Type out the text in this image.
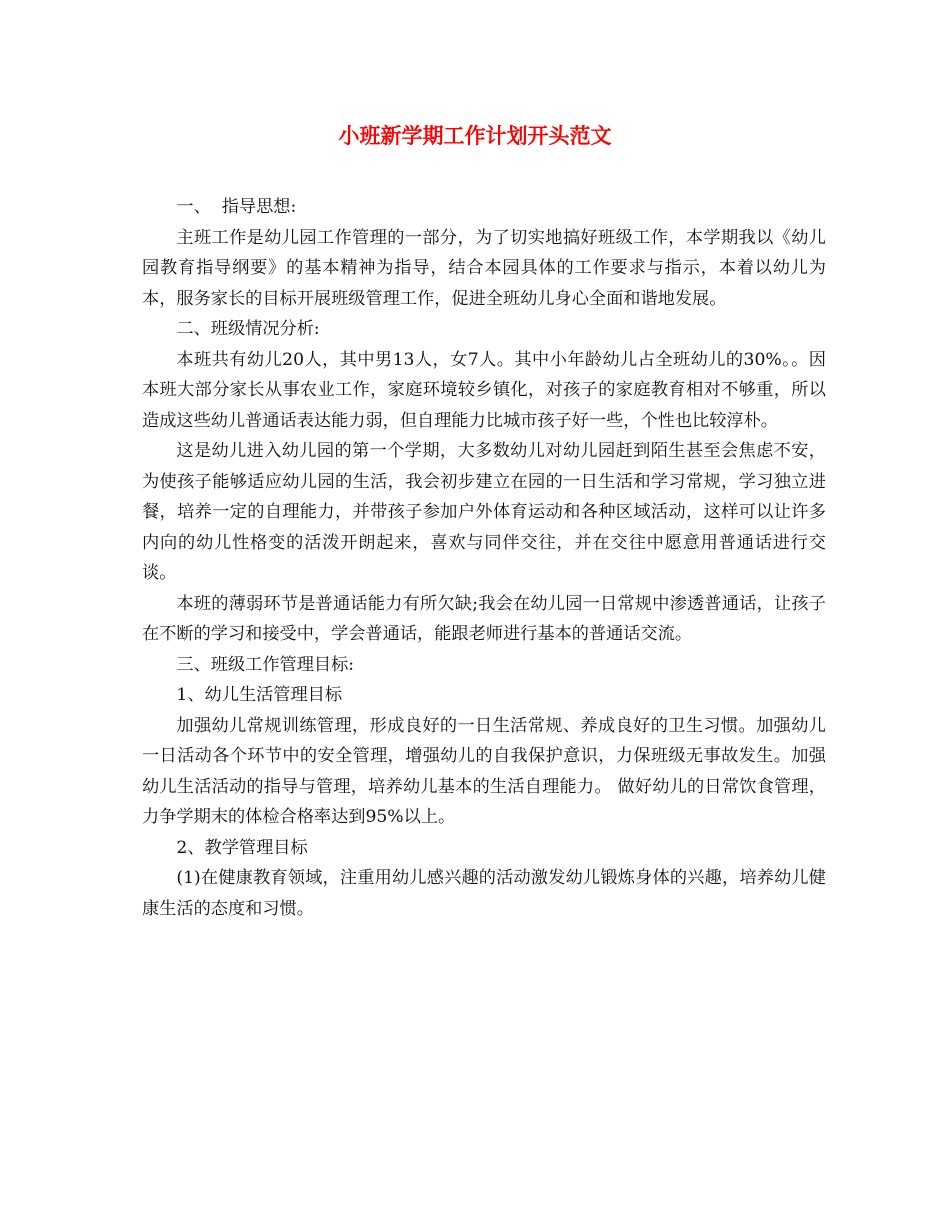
小班新学期工作计划开头范文

一、  指导思想:

主班工作是幼儿园工作管理的一部分，为了切实地搞好班级工作，本学期我以《幼儿园教育指导纲要》的基本精神为指导，结合本园具体的工作要求与指示，本着以幼儿为本，服务家长的目标开展班级管理工作，促进全班幼儿身心全面和谐地发展。

二、班级情况分析:

本班共有幼儿20人，其中男13人，女7人。其中小年龄幼儿占全班幼儿的30%。。因本班大部分家长从事农业工作，家庭环境较乡镇化，对孩子的家庭教育相对不够重，所以造成这些幼儿普通话表达能力弱，但自理能力比城市孩子好一些，个性也比较淳朴。

这是幼儿进入幼儿园的第一个学期，大多数幼儿对幼儿园赶到陌生甚至会焦虑不安，为使孩子能够适应幼儿园的生活，我会初步建立在园的一日生活和学习常规，学习独立进餐，培养一定的自理能力，并带孩子参加户外体育运动和各种区域活动，这样可以让许多内向的幼儿性格变的活泼开朗起来，喜欢与同伴交往，并在交往中愿意用普通话进行交谈。

本班的薄弱环节是普通话能力有所欠缺;我会在幼儿园一日常规中渗透普通话，让孩子在不断的学习和接受中，学会普通话，能跟老师进行基本的普通话交流。

三、班级工作管理目标:

1、幼儿生活管理目标

加强幼儿常规训练管理，形成良好的一日生活常规、养成良好的卫生习惯。加强幼儿一日活动各个环节中的安全管理，增强幼儿的自我保护意识，力保班级无事故发生。加强幼儿生活活动的指导与管理，培养幼儿基本的生活自理能力。 做好幼儿的日常饮食管理，力争学期末的体检合格率达到95%以上。

2、教学管理目标

(1)在健康教育领域，注重用幼儿感兴趣的活动激发幼儿锻炼身体的兴趣，培养幼儿健康生活的态度和习惯。
